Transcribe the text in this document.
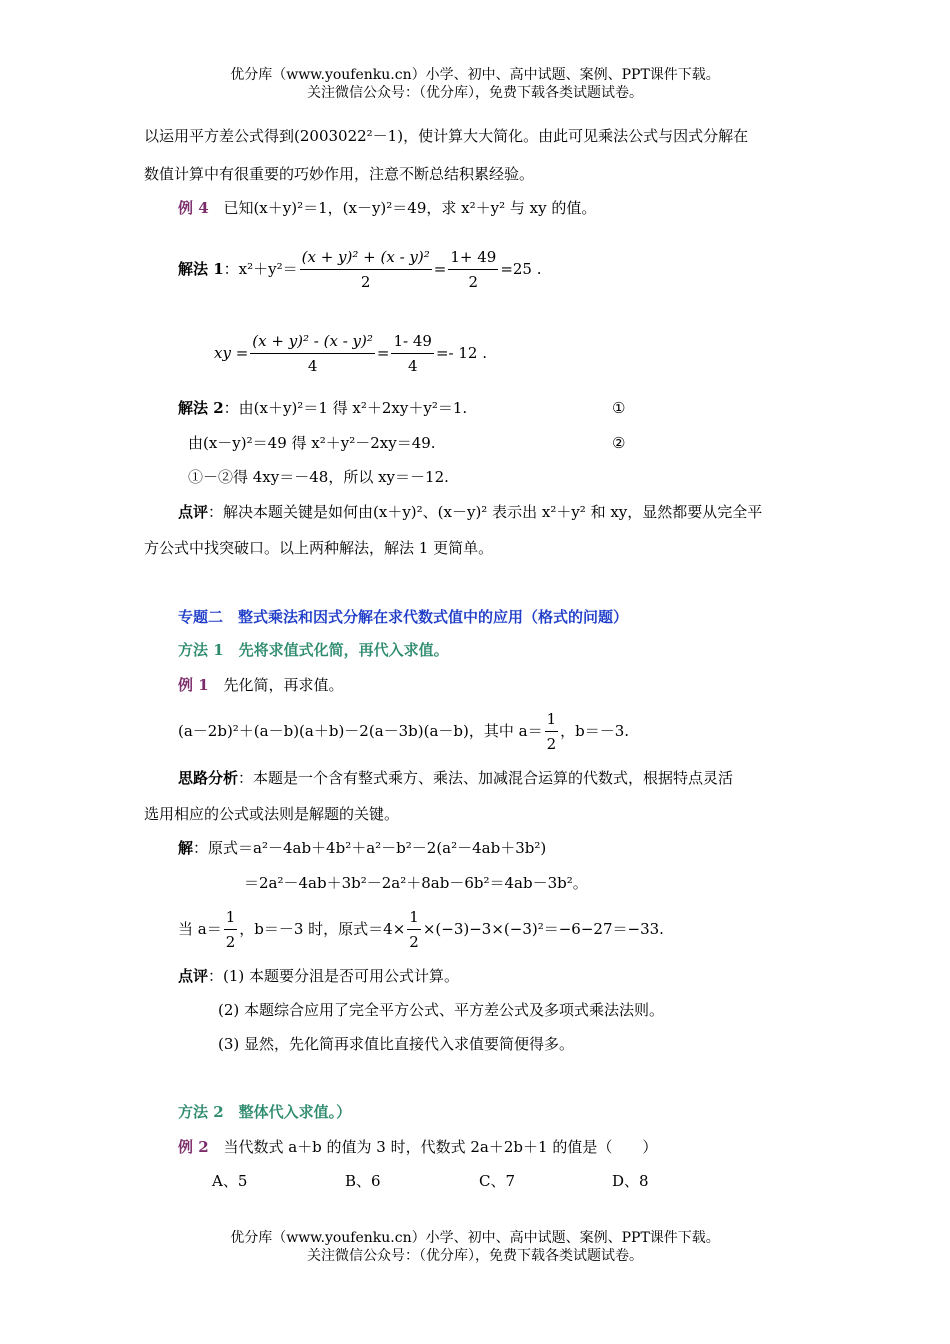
优分库（www.youfenku.cn）小学、初中、高中试题、案例、PPT课件下载。
关注微信公众号：（优分库），免费下载各类试题试卷。
以运用平方差公式得到(2003022²－1)，使计算大大简化。由此可见乘法公式与因式分解在
数值计算中有很重要的巧妙作用，注意不断总结积累经验。
例 4 已知(x＋y)²＝1，(x－y)²＝49，求 x²＋y² 与 xy 的值。
解法 1 ：$x^2+y^2= \frac{\text{(x + y)² + (x - y)²}}{2} = \frac{1+ 49}{2} =25$ .
xy = $\frac{\text{(x + y)² - (x - y)²}}{4} = \frac{1- 49}{4} =- 12$ .
解法 2：由(x＋y)²＝1 得 x²＋2xy＋y²＝1.	①
由(x－y)²＝49 得 x²＋y²－2xy＝49.	②
①－②得 4xy＝－48，所以 xy＝－12.
点评：解决本题关键是如何由(x＋y)²、(x－y)² 表示出 x²＋y² 和 xy，显然都要从完全平
方公式中找突破口。以上两种解法，解法 1 更简单。
专题二　整式乘法和因式分解在求代数式值中的应用（格式的问题）
方法 1　先将求值式化简，再代入求值。
例 1 先化简，再求值。
(a－2b)²＋(a－b)(a＋b)－2(a－3b)(a－b)，其中 $a= \frac{1}{2}$ ，b＝－3.
思路分析：本题是一个含有整式乘方、乘法、加减混合运算的代数式，根据特点灵活
选用相应的公式或法则是解题的关键。
解：原式＝a²－4ab＋4b²＋a²－b²－2(a²－4ab＋3b²)
＝2a²－4ab＋3b²－2a²＋8ab－6b²＝4ab－3b²。
当 $a= \frac{1}{2}$ ，b＝－3 时，原式$=4\times \frac{1}{2} \times(-3)-3\times(-3)^2=-6-27=-33$.
点评：(1) 本题要分沮是否可用公式计算。
(2) 本题综合应用了完全平方公式、平方差公式及多项式乘法法则。
(3) 显然，先化简再求值比直接代入求值要简便得多。
方法 2　整体代入求值。）
例 2 当代数式 a＋b 的值为 3 时，代数式 2a＋2b＋1 的值是（　　）
A、5	B、6	C、7	D、8
优分库（www.youfenku.cn）小学、初中、高中试题、案例、PPT课件下载。
关注微信公众号：（优分库），免费下载各类试题试卷。
